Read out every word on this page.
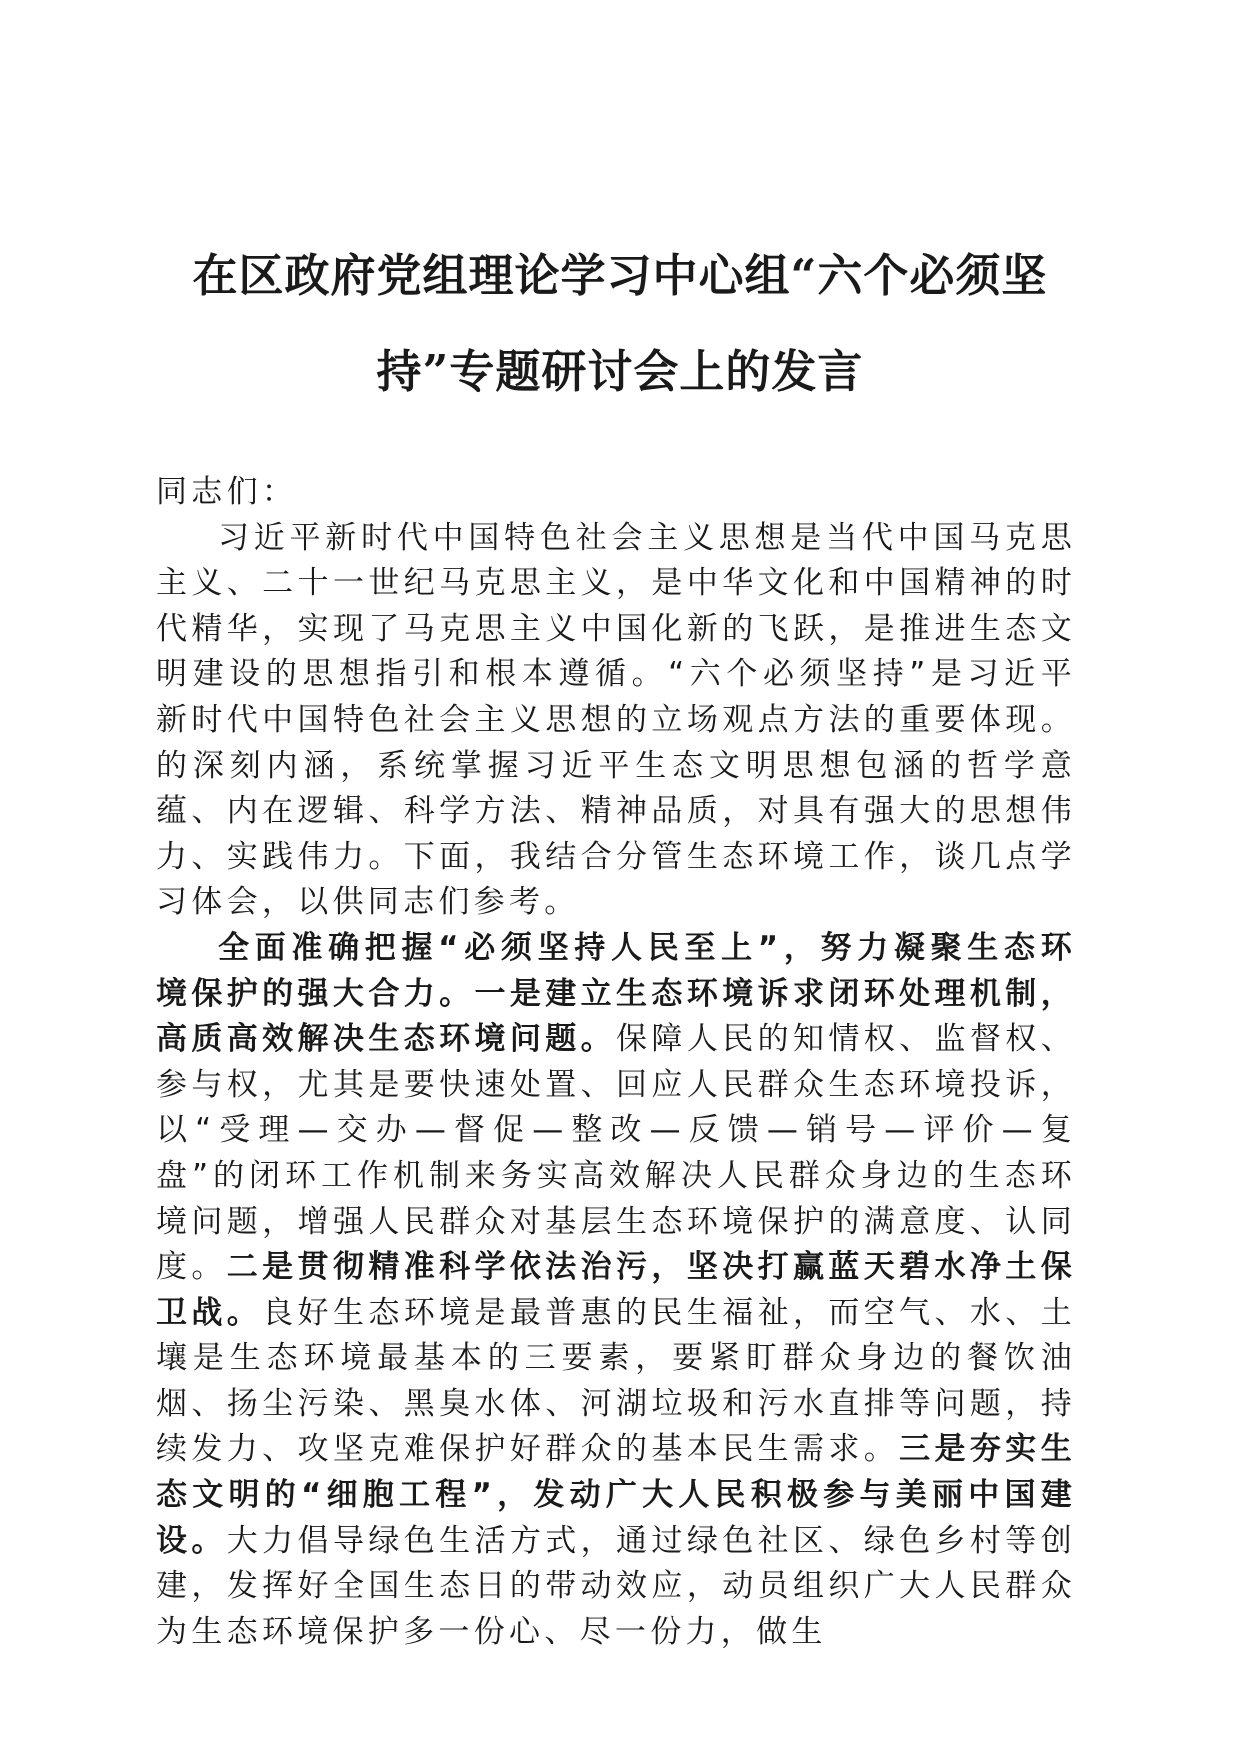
在区政府党组理论学习中心组“六个必须坚
持”专题研讨会上的发言

同志们：

习近平新时代中国特色社会主义思想是当代中国马克思主义、二十一世纪马克思主义，是中华文化和中国精神的时代精华，实现了马克思主义中国化新的飞跃，是推进生态文明建设的思想指引和根本遵循。“六个必须坚持”是习近平新时代中国特色社会主义思想的立场观点方法的重要体现。的深刻内涵，系统掌握习近平生态文明思想包涵的哲学意蕴、内在逻辑、科学方法、精神品质，对具有强大的思想伟力、实践伟力。下面，我结合分管生态环境工作，谈几点学习体会，以供同志们参考。

全面准确把握“必须坚持人民至上”，努力凝聚生态环境保护的强大合力。一是建立生态环境诉求闭环处理机制，高质高效解决生态环境问题。保障人民的知情权、监督权、参与权，尤其是要快速处置、回应人民群众生态环境投诉，以“受理—交办—督促—整改—反馈—销号—评价—复盘”的闭环工作机制来务实高效解决人民群众身边的生态环境问题，增强人民群众对基层生态环境保护的满意度、认同度。二是贯彻精准科学依法治污，坚决打赢蓝天碧水净土保卫战。良好生态环境是最普惠的民生福祉，而空气、水、土壤是生态环境最基本的三要素，要紧盯群众身边的餐饮油烟、扬尘污染、黑臭水体、河湖垃圾和污水直排等问题，持续发力、攻坚克难保护好群众的基本民生需求。三是夯实生态文明的“细胞工程”，发动广大人民积极参与美丽中国建设。大力倡导绿色生活方式，通过绿色社区、绿色乡村等创建，发挥好全国生态日的带动效应，动员组织广大人民群众为生态环境保护多一份心、尽一份力，做生
